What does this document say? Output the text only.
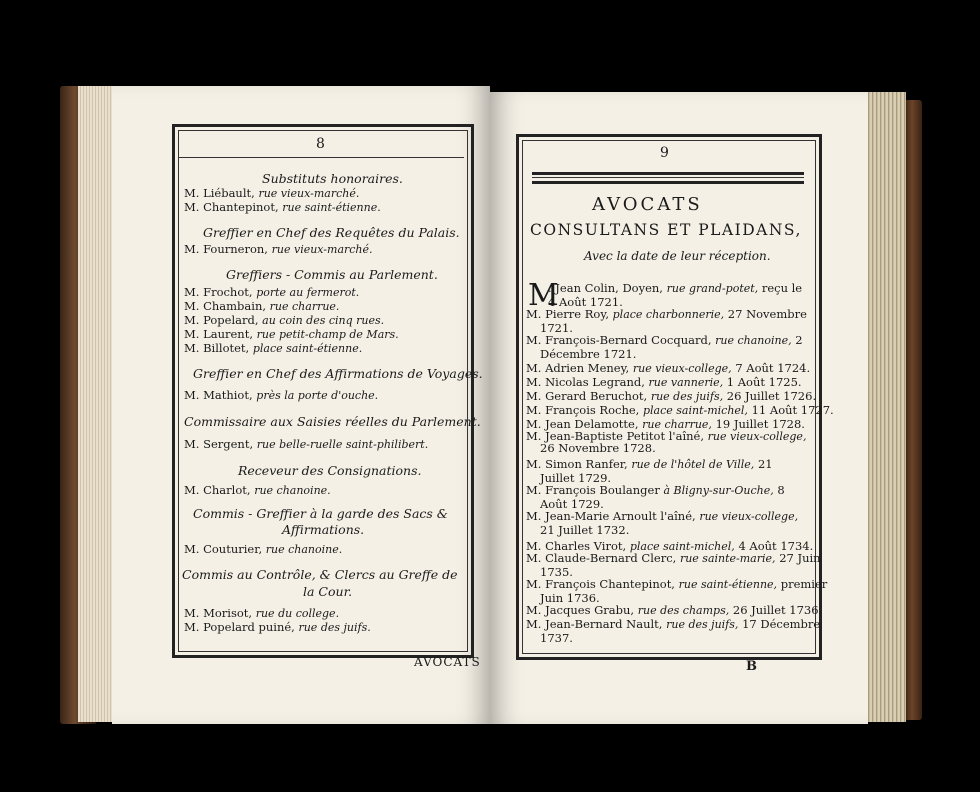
8
Substituts honoraires.
M. Liébault, rue vieux-marché.
M. Chantepinot, rue saint-étienne.
Greffier en Chef des Requêtes du Palais.
M. Fourneron, rue vieux-marché.
Greffiers - Commis au Parlement.
M. Frochot, porte au fermerot.
M. Chambain, rue charrue.
M. Popelard, au coin des cinq rues.
M. Laurent, rue petit-champ de Mars.
M. Billotet, place saint-étienne.
Greffier en Chef des Affirmations de Voyages.
M. Mathiot, près la porte d'ouche.
Commissaire aux Saisies réelles du Parlement.
M. Sergent, rue belle-ruelle saint-philibert.
Receveur des Consignations.
M. Charlot, rue chanoine.
Commis - Greffier à la garde des Sacs &
Affirmations.
M. Couturier, rue chanoine.
Commis au Contrôle, & Clercs au Greffe de
la Cour.
M. Morisot, rue du college.
M. Popelard puiné, rue des juifs.
AVOCATS
9
AVOCATS
CONSULTANS ET PLAIDANS,
Avec la date de leur réception.
M
. Jean Colin, Doyen, rue grand-potet, reçu le
4 Août 1721.
M. Pierre Roy, place charbonnerie, 27 Novembre
1721.
M. François-Bernard Cocquard, rue chanoine, 2
Décembre 1721.
M. Adrien Meney, rue vieux-college, 7 Août 1724.
M. Nicolas Legrand, rue vannerie, 1 Août 1725.
M. Gerard Beruchot, rue des juifs, 26 Juillet 1726.
M. François Roche, place saint-michel, 11 Août 1727.
M. Jean Delamotte, rue charrue, 19 Juillet 1728.
M. Jean-Baptiste Petitot l'aîné, rue vieux-college,
26 Novembre 1728.
M. Simon Ranfer, rue de l'hôtel de Ville, 21
Juillet 1729.
M. François Boulanger à Bligny-sur-Ouche, 8
Août 1729.
M. Jean-Marie Arnoult l'aîné, rue vieux-college,
21 Juillet 1732.
M. Charles Virot, place saint-michel, 4 Août 1734.
M. Claude-Bernard Clerc, rue sainte-marie, 27 Juin
1735.
M. François Chantepinot, rue saint-étienne, premier
Juin 1736.
M. Jacques Grabu, rue des champs, 26 Juillet 1736.
M. Jean-Bernard Nault, rue des juifs, 17 Décembre
1737.
B
